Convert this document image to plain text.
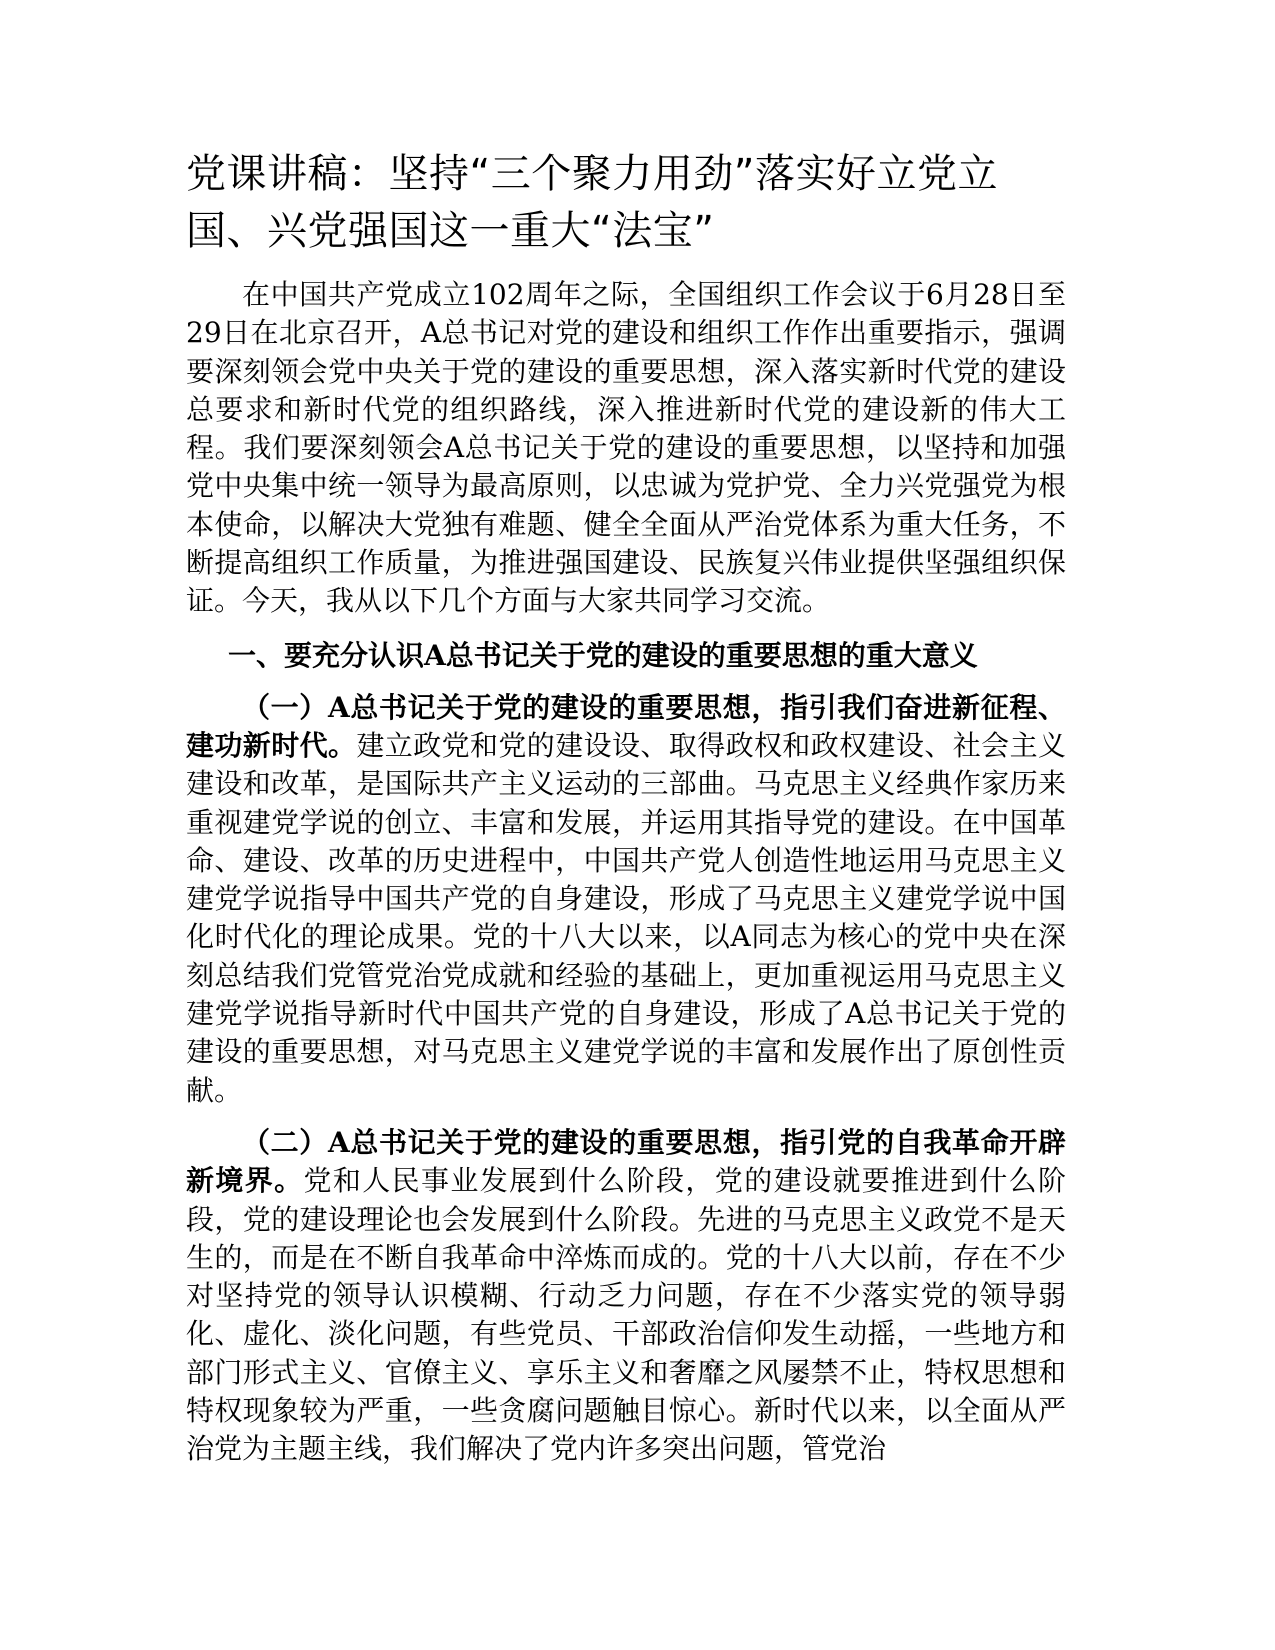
党课讲稿：坚持“三个聚力用劲”落实好立党立国、兴党强国这一重大“法宝”

在中国共产党成立102周年之际，全国组织工作会议于6月28日至29日在北京召开，A总书记对党的建设和组织工作作出重要指示，强调要深刻领会党中央关于党的建设的重要思想，深入落实新时代党的建设总要求和新时代党的组织路线，深入推进新时代党的建设新的伟大工程。我们要深刻领会A总书记关于党的建设的重要思想，以坚持和加强党中央集中统一领导为最高原则，以忠诚为党护党、全力兴党强党为根本使命，以解决大党独有难题、健全全面从严治党体系为重大任务，不断提高组织工作质量，为推进强国建设、民族复兴伟业提供坚强组织保证。今天，我从以下几个方面与大家共同学习交流。

一、要充分认识A总书记关于党的建设的重要思想的重大意义

（一）A总书记关于党的建设的重要思想，指引我们奋进新征程、建功新时代。建立政党和党的建设设、取得政权和政权建设、社会主义建设和改革，是国际共产主义运动的三部曲。马克思主义经典作家历来重视建党学说的创立、丰富和发展，并运用其指导党的建设。在中国革命、建设、改革的历史进程中，中国共产党人创造性地运用马克思主义建党学说指导中国共产党的自身建设，形成了马克思主义建党学说中国化时代化的理论成果。党的十八大以来，以A同志为核心的党中央在深刻总结我们党管党治党成就和经验的基础上，更加重视运用马克思主义建党学说指导新时代中国共产党的自身建设，形成了A总书记关于党的建设的重要思想，对马克思主义建党学说的丰富和发展作出了原创性贡献。

（二）A总书记关于党的建设的重要思想，指引党的自我革命开辟新境界。党和人民事业发展到什么阶段，党的建设就要推进到什么阶段，党的建设理论也会发展到什么阶段。先进的马克思主义政党不是天生的，而是在不断自我革命中淬炼而成的。党的十八大以前，存在不少对坚持党的领导认识模糊、行动乏力问题，存在不少落实党的领导弱化、虚化、淡化问题，有些党员、干部政治信仰发生动摇，一些地方和部门形式主义、官僚主义、享乐主义和奢靡之风屡禁不止，特权思想和特权现象较为严重，一些贪腐问题触目惊心。新时代以来，以全面从严治党为主题主线，我们解决了党内许多突出问题，管党治
